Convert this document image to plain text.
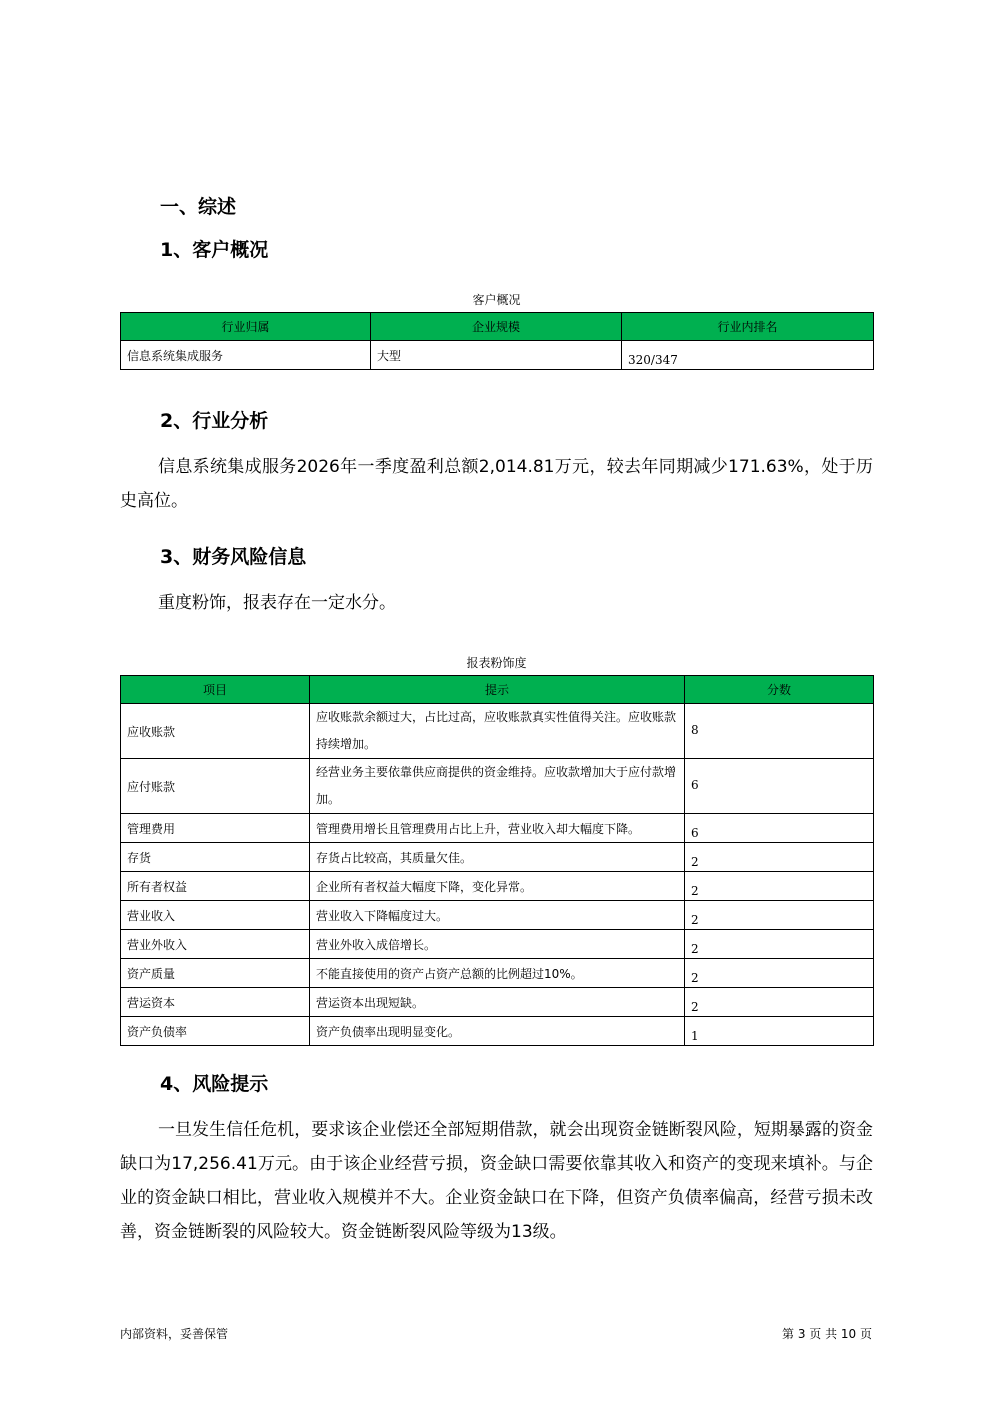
一、综述
1、客户概况
客户概况
行业归属	企业规模	行业内排名
信息系统集成服务	大型	320/347
2、行业分析
信息系统集成服务2026年一季度盈利总额2,014.81万元，较去年同期减少171.63%，处于历史高位。
3、财务风险信息
重度粉饰，报表存在一定水分。
报表粉饰度
项目	提示	分数
应收账款	应收账款余额过大，占比过高，应收账款真实性值得关注。应收账款持续增加。	8
应付账款	经营业务主要依靠供应商提供的资金维持。应收款增加大于应付款增加。	6
管理费用	管理费用增长且管理费用占比上升，营业收入却大幅度下降。	6
存货	存货占比较高，其质量欠佳。	2
所有者权益	企业所有者权益大幅度下降，变化异常。	2
营业收入	营业收入下降幅度过大。	2
营业外收入	营业外收入成倍增长。	2
资产质量	不能直接使用的资产占资产总额的比例超过10%。	2
营运资本	营运资本出现短缺。	2
资产负债率	资产负债率出现明显变化。	1
4、风险提示
一旦发生信任危机，要求该企业偿还全部短期借款，就会出现资金链断裂风险，短期暴露的资金缺口为17,256.41万元。由于该企业经营亏损，资金缺口需要依靠其收入和资产的变现来填补。与企业的资金缺口相比，营业收入规模并不大。企业资金缺口在下降，但资产负债率偏高，经营亏损未改善，资金链断裂的风险较大。资金链断裂风险等级为13级。
内部资料，妥善保管	第 3 页 共 10 页
